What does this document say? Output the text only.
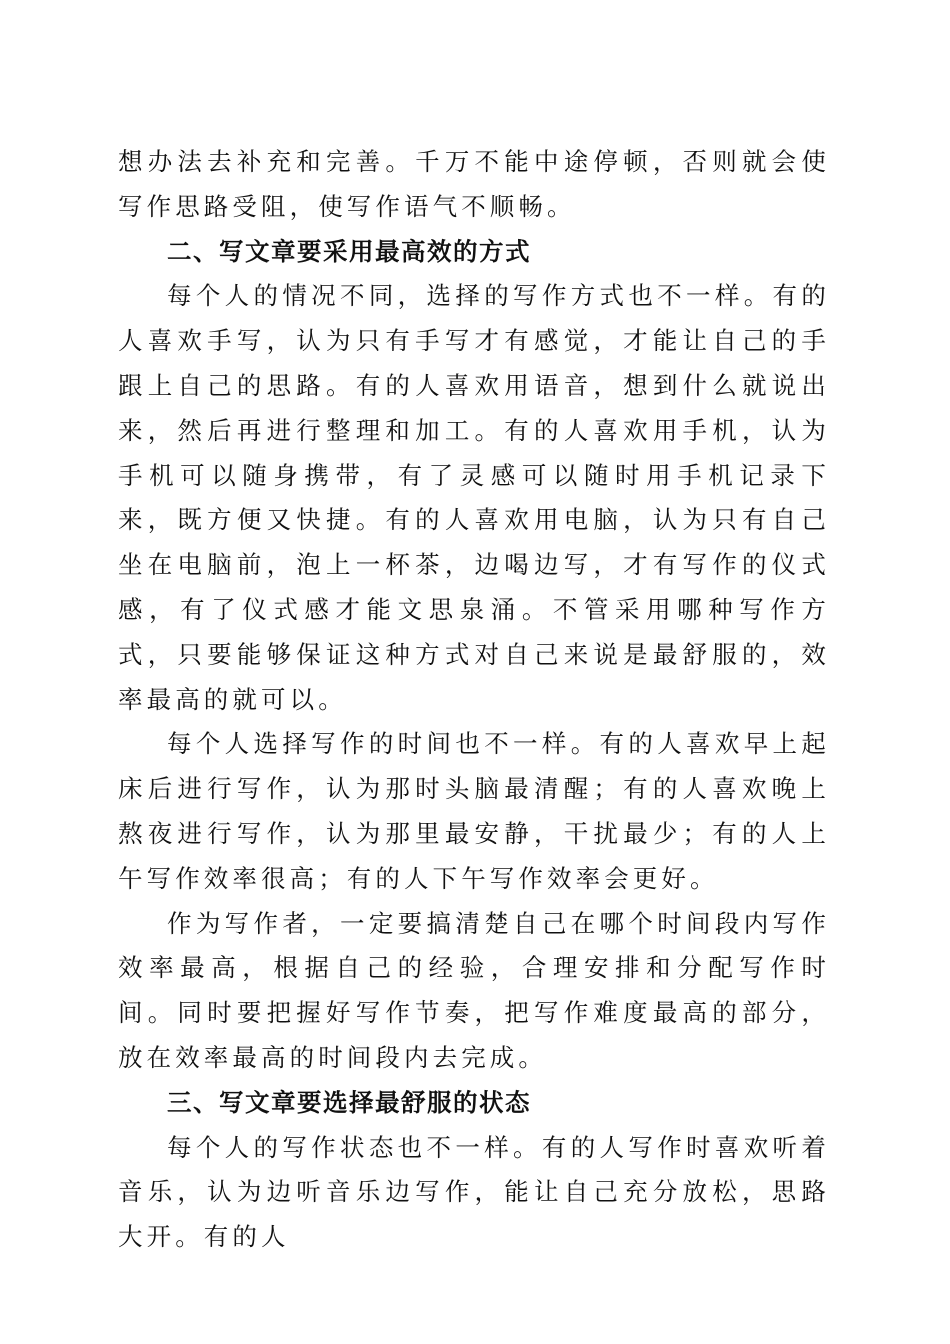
想办法去补充和完善。千万不能中途停顿，否则就会使写作思路受阻，使写作语气不顺畅。

二、写文章要采用最高效的方式

每个人的情况不同，选择的写作方式也不一样。有的人喜欢手写，认为只有手写才有感觉，才能让自己的手跟上自己的思路。有的人喜欢用语音，想到什么就说出来，然后再进行整理和加工。有的人喜欢用手机，认为手机可以随身携带，有了灵感可以随时用手机记录下来，既方便又快捷。有的人喜欢用电脑，认为只有自己坐在电脑前，泡上一杯茶，边喝边写，才有写作的仪式感，有了仪式感才能文思泉涌。不管采用哪种写作方式，只要能够保证这种方式对自己来说是最舒服的，效率最高的就可以。

每个人选择写作的时间也不一样。有的人喜欢早上起床后进行写作，认为那时头脑最清醒；有的人喜欢晚上熬夜进行写作，认为那里最安静，干扰最少；有的人上午写作效率很高；有的人下午写作效率会更好。

作为写作者，一定要搞清楚自己在哪个时间段内写作效率最高，根据自己的经验，合理安排和分配写作时间。同时要把握好写作节奏，把写作难度最高的部分，放在效率最高的时间段内去完成。

三、写文章要选择最舒服的状态

每个人的写作状态也不一样。有的人写作时喜欢听着音乐，认为边听音乐边写作，能让自己充分放松，思路大开。有的人
